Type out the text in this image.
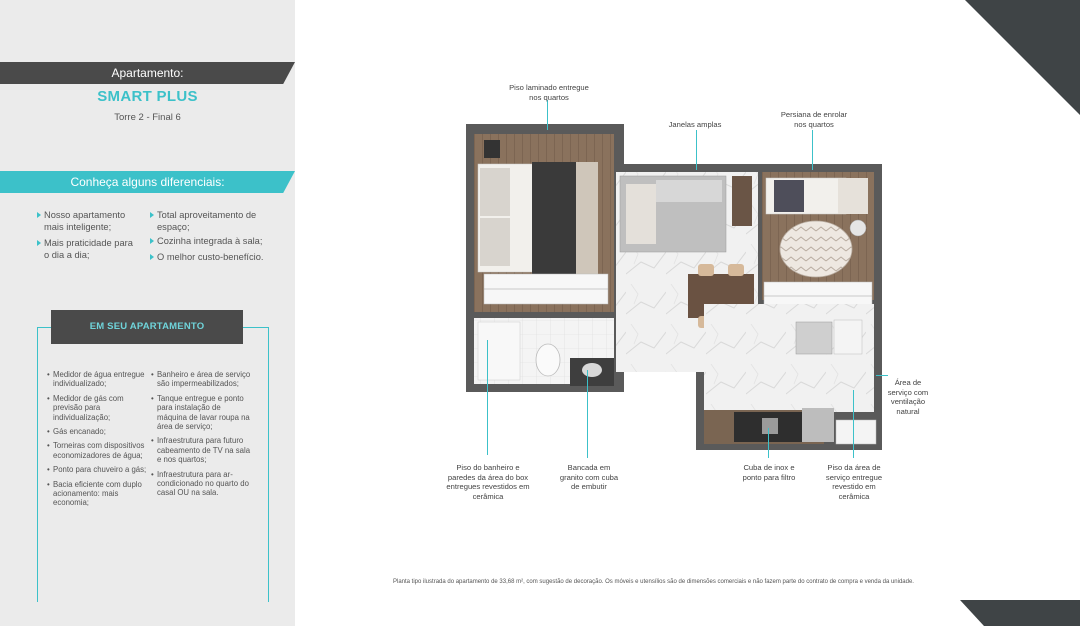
Apartamento:
SMART PLUS
Torre 2 - Final 6
Conheça alguns diferenciais:
Nosso apartamento mais inteligente;
Mais praticidade para o dia a dia;
Total aproveitamento de espaço;
Cozinha integrada à sala;
O melhor custo-benefício.
EM SEU APARTAMENTO
• Medidor de água entregue individualizado;
• Medidor de gás com previsão para individualização;
• Gás encanado;
• Torneiras com dispositivos economizadores de água;
• Ponto para chuveiro a gás;
• Bacia eficiente com duplo acionamento: mais economia;
• Banheiro e área de serviço são impermeabilizados;
• Tanque entregue e ponto para instalação de máquina de lavar roupa na área de serviço;
• Infraestrutura para futuro cabeamento de TV na sala e nos quartos;
• Infraestrutura para ar-condicionado no quarto do casal OU na sala.
Piso laminado entregue nos quartos
Janelas amplas
Persiana de enrolar nos quartos
Área de serviço com ventilação natural
Piso do banheiro e paredes da área do box entregues revestidos em cerâmica
Bancada em granito com cuba de embutir
Cuba de inox e ponto para filtro
Piso da área de serviço entregue revestido em cerâmica
Planta tipo ilustrada do apartamento de 33,68 m², com sugestão de decoração. Os móveis e utensílios são de dimensões comerciais e não fazem parte do contrato de compra e venda da unidade.
